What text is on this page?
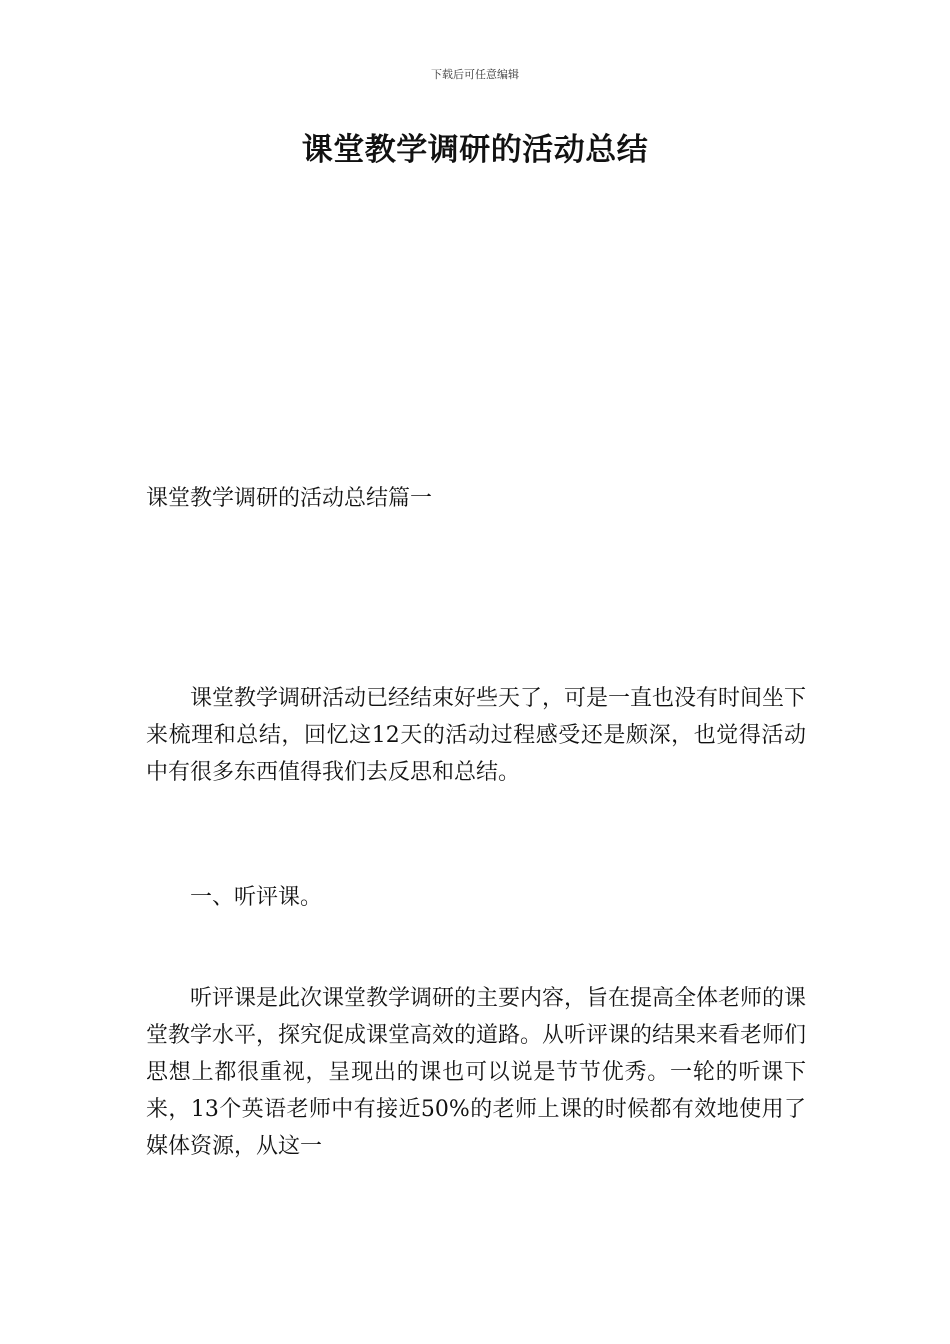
下载后可任意编辑
课堂教学调研的活动总结
课堂教学调研的活动总结篇一

课堂教学调研活动已经结束好些天了，可是一直也没有时间坐下来梳理和总结，回忆这12天的活动过程感受还是颇深，也觉得活动中有很多东西值得我们去反思和总结。

一、听评课。

听评课是此次课堂教学调研的主要内容，旨在提高全体老师的课堂教学水平，探究促成课堂高效的道路。从听评课的结果来看老师们思想上都很重视，呈现出的课也可以说是节节优秀。一轮的听课下来，13个英语老师中有接近50%的老师上课的时候都有效地使用了媒体资源，从这一
